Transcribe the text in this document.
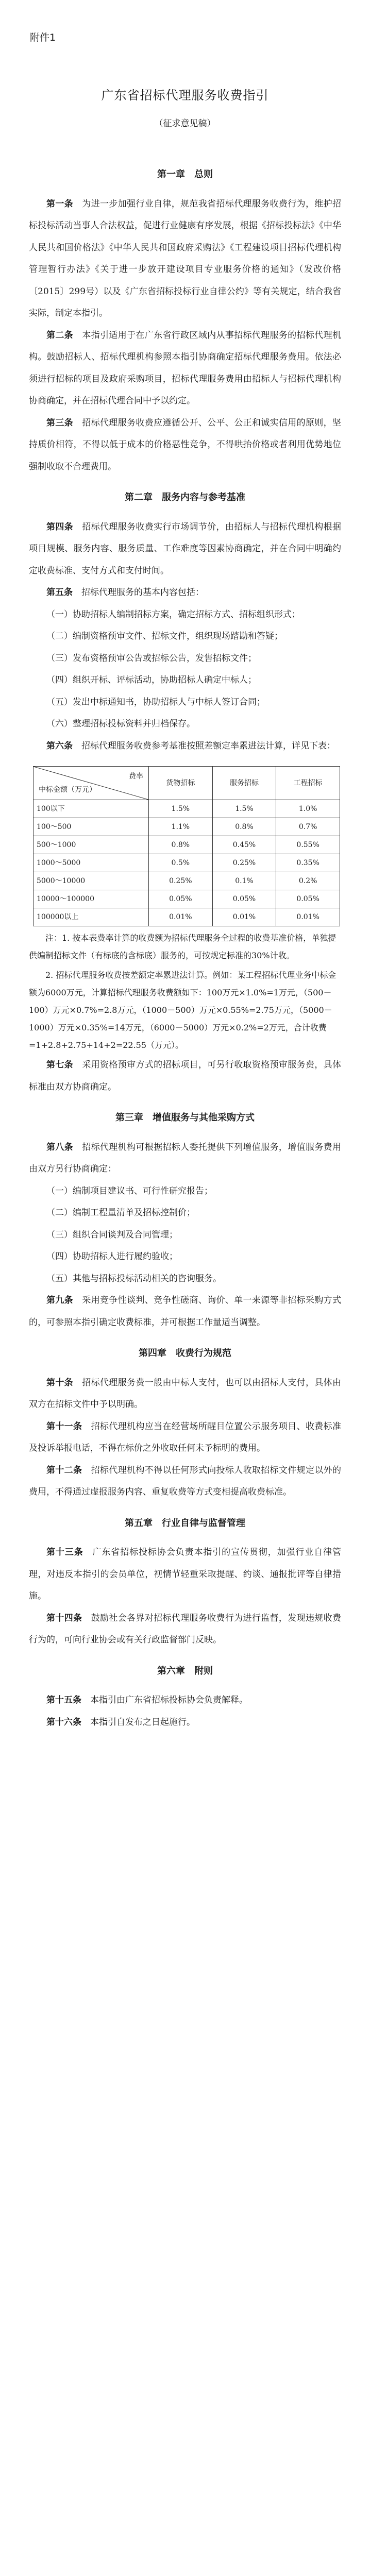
附件1
广东省招标代理服务收费指引
（征求意见稿）
第一章　总则

第一条　 为进一步加强行业自律，规范我省招标代理服务收费行为，维护招标投标活动当事人合法权益，促进行业健康有序发展，根据《招标投标法》《中华人民共和国价格法》《中华人民共和国政府采购法》《工程建设项目招标代理机构管理暂行办法》《关于进一步放开建设项目专业服务价格的通知》（发改价格〔2015〕299号）以及《广东省招标投标行业自律公约》等有关规定，结合我省实际，制定本指引。

第二条　 本指引适用于在广东省行政区域内从事招标代理服务的招标代理机构。鼓励招标人、招标代理机构参照本指引协商确定招标代理服务费用。依法必须进行招标的项目及政府采购项目，招标代理服务费用由招标人与招标代理机构协商确定，并在招标代理合同中予以约定。

第三条　 招标代理服务收费应遵循公开、公平、公正和诚实信用的原则，坚持质价相符，不得以低于成本的价格恶性竞争，不得哄抬价格或者利用优势地位强制收取不合理费用。

第二章　服务内容与参考基准

第四条　 招标代理服务收费实行市场调节价，由招标人与招标代理机构根据项目规模、服务内容、服务质量、工作难度等因素协商确定，并在合同中明确约定收费标准、支付方式和支付时间。

第五条　 招标代理服务的基本内容包括：

（一）协助招标人编制招标方案，确定招标方式、招标组织形式；

（二）编制资格预审文件、招标文件，组织现场踏勘和答疑；

（三）发布资格预审公告或招标公告，发售招标文件；

（四）组织开标、评标活动，协助招标人确定中标人；

（五）发出中标通知书，协助招标人与中标人签订合同；

（六）整理招标投标资料并归档保存。

第六条　 招标代理服务收费参考基准按照差额定率累进法计算，详见下表：

费率
中标金额（万元）	货物招标	服务招标	工程招标
100以下	1.5%	1.5%	1.0%
100～500	1.1%	0.8%	0.7%
500～1000	0.8%	0.45%	0.55%
1000～5000	0.5%	0.25%	0.35%
5000～10000	0.25%	0.1%	0.2%
10000～100000	0.05%	0.05%	0.05%
100000以上	0.01%	0.01%	0.01%

注：1. 按本表费率计算的收费额为招标代理服务全过程的收费基准价格，单独提供编制招标文件（有标底的含标底）服务的，可按规定标准的30%计收。

2. 招标代理服务收费按差额定率累进法计算。例如：某工程招标代理业务中标金额为6000万元，计算招标代理服务收费额如下：100万元×1.0%=1万元，（500－100）万元×0.7%=2.8万元，（1000－500）万元×0.55%=2.75万元，（5000－1000）万元×0.35%=14万元，（6000－5000）万元×0.2%=2万元，合计收费=1+2.8+2.75+14+2=22.55（万元）。

第七条　 采用资格预审方式的招标项目，可另行收取资格预审服务费，具体标准由双方协商确定。

第三章　增值服务与其他采购方式

第八条　 招标代理机构可根据招标人委托提供下列增值服务，增值服务费用由双方另行协商确定：

（一）编制项目建议书、可行性研究报告；

（二）编制工程量清单及招标控制价；

（三）组织合同谈判及合同管理；

（四）协助招标人进行履约验收；

（五）其他与招标投标活动相关的咨询服务。

第九条　 采用竞争性谈判、竞争性磋商、询价、单一来源等非招标采购方式的，可参照本指引确定收费标准，并可根据工作量适当调整。

第四章　收费行为规范

第十条　 招标代理服务费一般由中标人支付，也可以由招标人支付，具体由双方在招标文件中予以明确。

第十一条　 招标代理机构应当在经营场所醒目位置公示服务项目、收费标准及投诉举报电话，不得在标价之外收取任何未予标明的费用。

第十二条　 招标代理机构不得以任何形式向投标人收取招标文件规定以外的费用，不得通过虚报服务内容、重复收费等方式变相提高收费标准。

第五章　行业自律与监督管理

第十三条　 广东省招标投标协会负责本指引的宣传贯彻，加强行业自律管理，对违反本指引的会员单位，视情节轻重采取提醒、约谈、通报批评等自律措施。

第十四条　 鼓励社会各界对招标代理服务收费行为进行监督，发现违规收费行为的，可向行业协会或有关行政监督部门反映。

第六章　附则

第十五条　 本指引由广东省招标投标协会负责解释。

第十六条　 本指引自发布之日起施行。
